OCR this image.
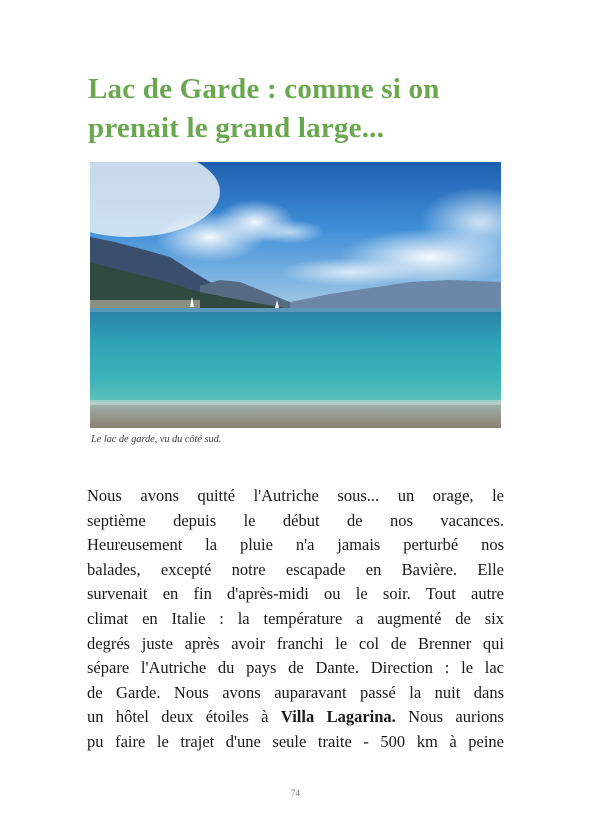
Lac de Garde : comme si on
prenait le grand large...
Le lac de garde, vu du côté sud.
Nous avons quitté l'Autriche sous... un orage, le
septième depuis le début de nos vacances.
Heureusement la pluie n'a jamais perturbé nos
balades, excepté notre escapade en Bavière. Elle
survenait en fin d'après-midi ou le soir. Tout autre
climat en Italie : la température a augmenté de six
degrés juste après avoir franchi le col de Brenner qui
sépare l'Autriche du pays de Dante. Direction : le lac
de Garde. Nous avons auparavant passé la nuit dans
un hôtel deux étoiles à Villa Lagarina. Nous aurions
pu faire le trajet d'une seule traite - 500 km à peine
74
